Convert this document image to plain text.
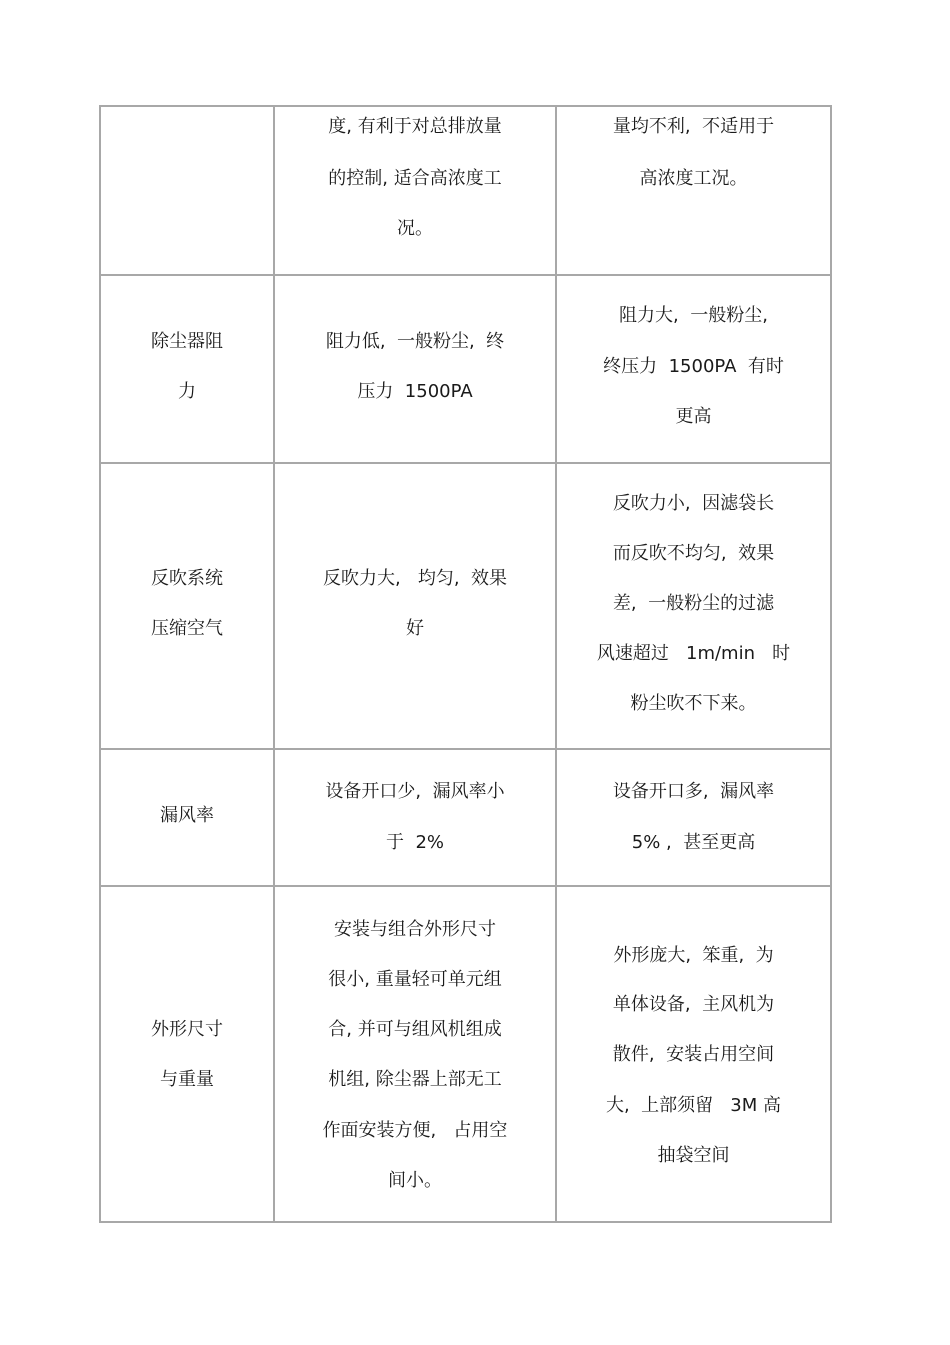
度, 有利于对总排放量
的控制, 适合高浓度工
况。
量均不利,  不适用于
高浓度工况。
除尘器阻
力
阻力低,  一般粉尘,  终
压力  1500PA
阻力大,  一般粉尘,
终压力  1500PA  有时
更高
反吹系统
压缩空气
反吹力大,   均匀,  效果
好
反吹力小,  因滤袋长
而反吹不均匀,  效果
差,  一般粉尘的过滤
风速超过   1m/min   时
粉尘吹不下来。
漏风率
设备开口少,  漏风率小
于  2%
设备开口多,  漏风率
5% ,  甚至更高
外形尺寸
与重量
安装与组合外形尺寸
很小, 重量轻可单元组
合, 并可与组风机组成
机组, 除尘器上部无工
作面安装方便,   占用空
间小。
外形庞大,  笨重,  为
单体设备,  主风机为
散件,  安装占用空间
大,  上部须留   3M 高
抽袋空间
